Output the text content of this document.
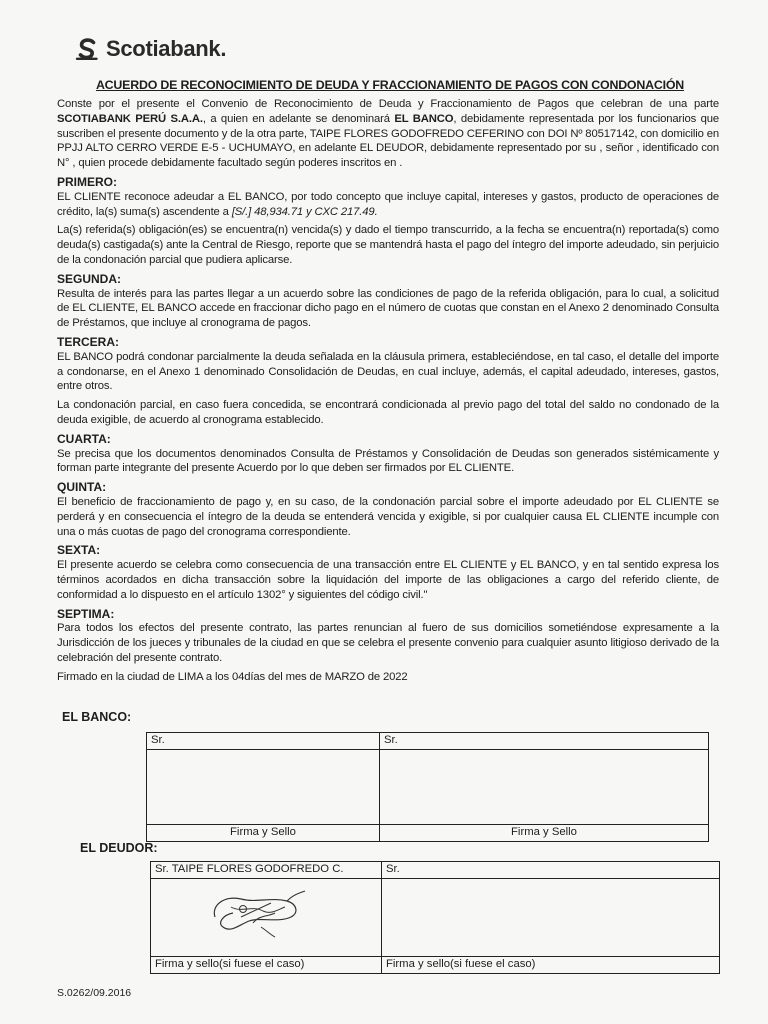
Scotiabank.
ACUERDO DE RECONOCIMIENTO DE DEUDA Y FRACCIONAMIENTO DE PAGOS CON CONDONACIÓN

Conste por el presente el Convenio de Reconocimiento de Deuda y Fraccionamiento de Pagos que celebran de una parte SCOTIABANK PERÚ S.A.A., a quien en adelante se denominará EL BANCO, debidamente representada por los funcionarios que suscriben el presente documento y de la otra parte, TAIPE FLORES GODOFREDO CEFERINO con DOI Nº 80517142, con domicilio en PPJJ ALTO CERRO VERDE E-5 - UCHUMAYO, en adelante EL DEUDOR, debidamente representado por su , señor , identificado con N° , quien procede debidamente facultado según poderes inscritos en .

PRIMERO:

EL CLIENTE reconoce adeudar a EL BANCO, por todo concepto que incluye capital, intereses y gastos, producto de operaciones de crédito, la(s) suma(s) ascendente a [S/.] 48,934.71 y CXC 217.49.

La(s) referida(s) obligación(es) se encuentra(n) vencida(s) y dado el tiempo transcurrido, a la fecha se encuentra(n) reportada(s) como deuda(s) castigada(s) ante la Central de Riesgo, reporte que se mantendrá hasta el pago del íntegro del importe adeudado, sin perjuicio de la condonación parcial que pudiera aplicarse.

SEGUNDA:

Resulta de interés para las partes llegar a un acuerdo sobre las condiciones de pago de la referida obligación, para lo cual, a solicitud de EL CLIENTE, EL BANCO accede en fraccionar dicho pago en el número de cuotas que constan en el Anexo 2 denominado Consulta de Préstamos, que incluye al cronograma de pagos.

TERCERA:

EL BANCO podrá condonar parcialmente la deuda señalada en la cláusula primera, estableciéndose, en tal caso, el detalle del importe a condonarse, en el Anexo 1 denominado Consolidación de Deudas, en cual incluye, además, el capital adeudado, intereses, gastos, entre otros.

La condonación parcial, en caso fuera concedida, se encontrará condicionada al previo pago del total del saldo no condonado de la deuda exigible, de acuerdo al cronograma establecido.

CUARTA:

Se precisa que los documentos denominados Consulta de Préstamos y Consolidación de Deudas son generados sistémicamente y forman parte integrante del presente Acuerdo por lo que deben ser firmados por EL CLIENTE.

QUINTA:

El beneficio de fraccionamiento de pago y, en su caso, de la condonación parcial sobre el importe adeudado por EL CLIENTE se perderá y en consecuencia el íntegro de la deuda se entenderá vencida y exigible, si por cualquier causa EL CLIENTE incumple con una o más cuotas de pago del cronograma correspondiente.

SEXTA:

El presente acuerdo se celebra como consecuencia de una transacción entre EL CLIENTE y EL BANCO, y en tal sentido expresa los términos acordados en dicha transacción sobre la liquidación del importe de las obligaciones a cargo del referido cliente, de conformidad a lo dispuesto en el artículo 1302° y siguientes del código civil."

SEPTIMA:

Para todos los efectos del presente contrato, las partes renuncian al fuero de sus domicilios sometiéndose expresamente a la Jurisdicción de los jueces y tribunales de la ciudad en que se celebra el presente convenio para cualquier asunto litigioso derivado de la celebración del presente contrato.

Firmado en la ciudad de LIMA a los 04días del mes de MARZO de 2022

EL BANCO:
Sr.	Sr.

Firma y Sello	Firma y Sello
EL DEUDOR:
Sr. TAIPE FLORES GODOFREDO C.	Sr.

Firma y sello(si fuese el caso)	Firma y sello(si fuese el caso)
S.0262/09.2016
